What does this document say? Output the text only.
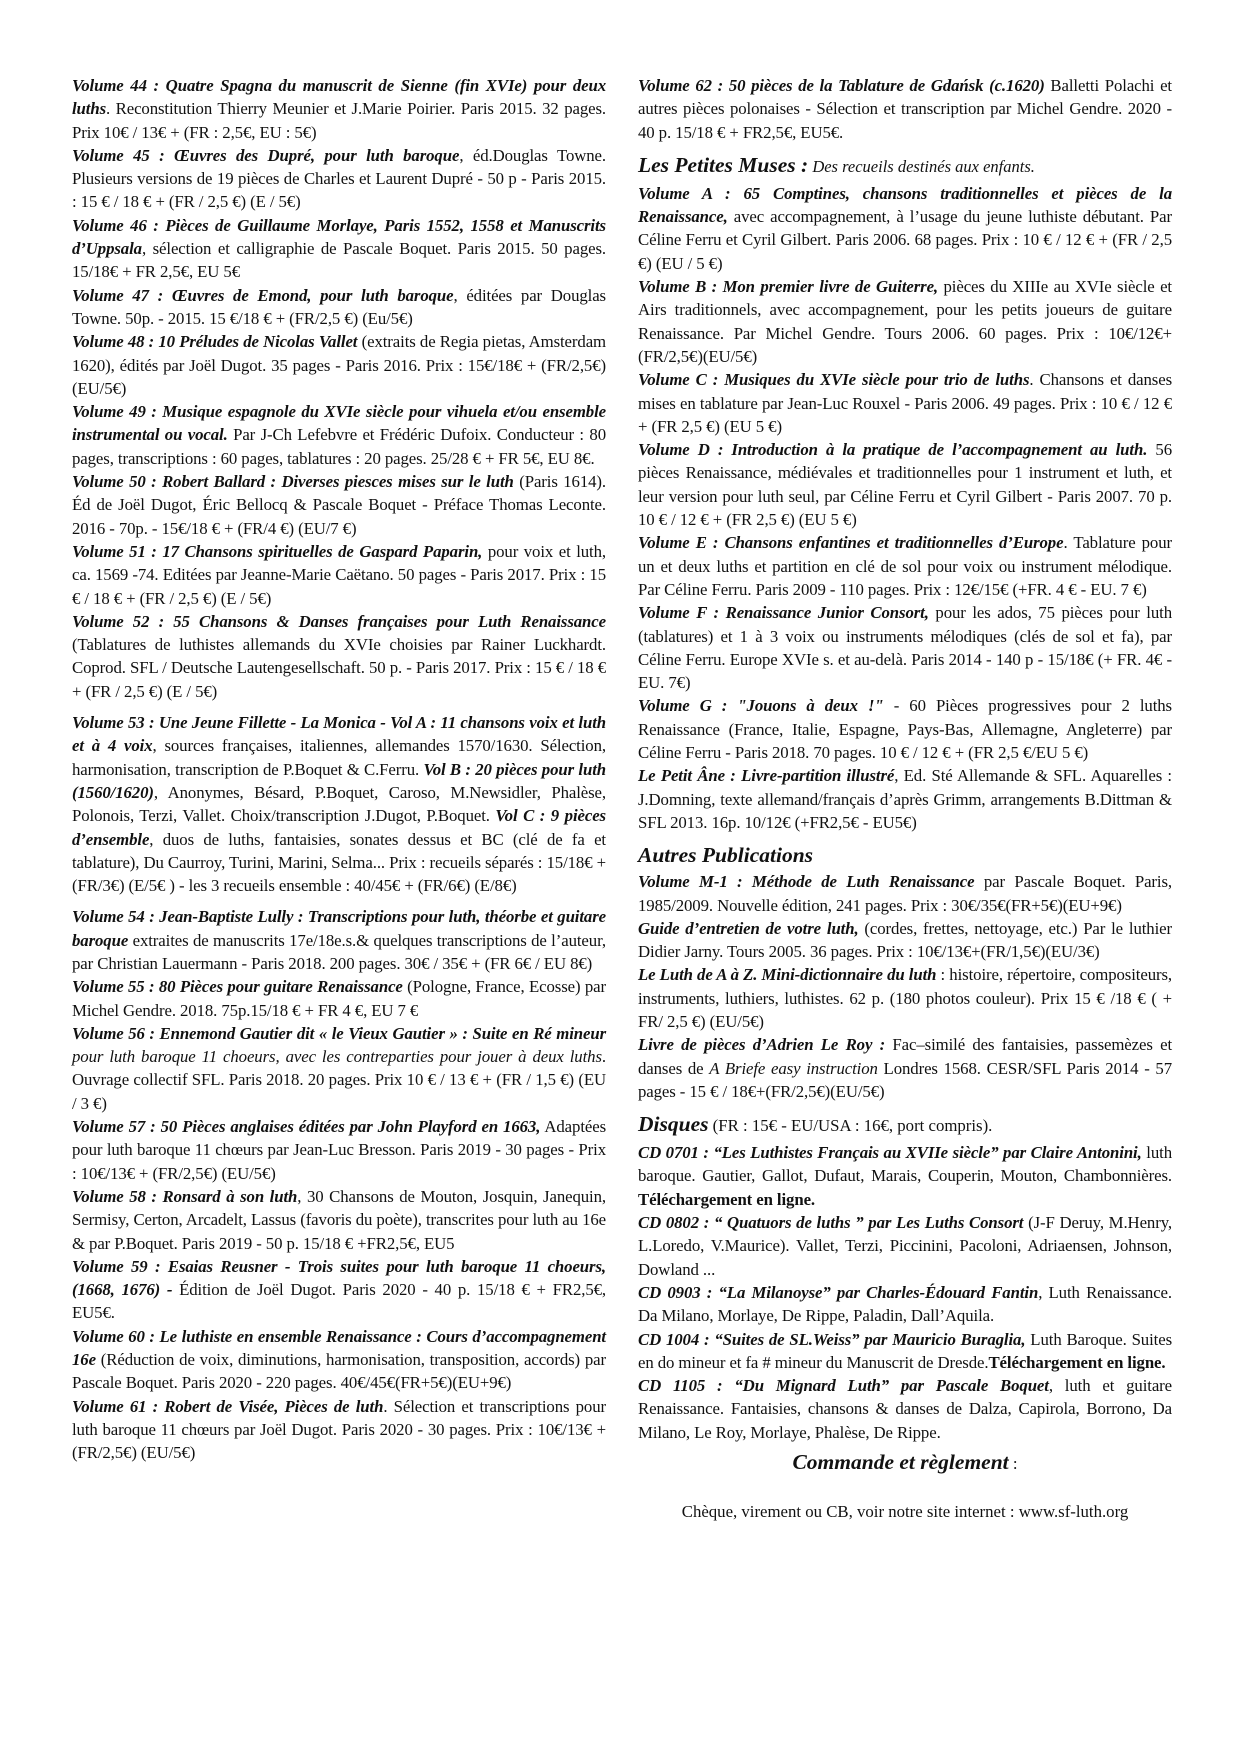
Volume 44 : Quatre Spagna du manuscrit de Sienne (fin XVIe) pour deux luths. Reconstitution Thierry Meunier et J.Marie Poirier. Paris 2015. 32 pages. Prix 10€ / 13€ + (FR : 2,5€, EU : 5€)

Volume 45 : Œuvres des Dupré, pour luth baroque, éd.Douglas Towne. Plusieurs versions de 19 pièces de Charles et Laurent Dupré - 50 p - Paris 2015. : 15 € / 18 € + (FR / 2,5 €) (E / 5€)

Volume 46 : Pièces de Guillaume Morlaye, Paris 1552, 1558 et Manuscrits d’Uppsala, sélection et calligraphie de Pascale Boquet. Paris 2015. 50 pages. 15/18€ + FR 2,5€, EU 5€

Volume 47 : Œuvres de Emond, pour luth baroque, éditées par Douglas Towne. 50p. - 2015. 15 €/18 € + (FR/2,5 €) (Eu/5€)

Volume 48 : 10 Préludes de Nicolas Vallet (extraits de Regia pietas, Amsterdam 1620), édités par Joël Dugot. 35 pages - Paris 2016. Prix : 15€/18€ + (FR/2,5€) (EU/5€)

Volume 49 : Musique espagnole du XVIe siècle pour vihuela et/ou ensemble instrumental ou vocal. Par J-Ch Lefebvre et Frédéric Dufoix. Conducteur : 80 pages, transcriptions : 60 pages, tablatures : 20 pages. 25/28 € + FR 5€, EU 8€.

Volume 50 : Robert Ballard : Diverses piesces mises sur le luth (Paris 1614). Éd de Joël Dugot, Éric Bellocq & Pascale Boquet - Préface Thomas Leconte. 2016 - 70p. - 15€/18 € + (FR/4 €) (EU/7 €)

Volume 51 : 17 Chansons spirituelles de Gaspard Paparin, pour voix et luth, ca. 1569 -74. Editées par Jeanne-Marie Caëtano. 50 pages - Paris 2017. Prix : 15 € / 18 € + (FR / 2,5 €) (E / 5€)

Volume 52 : 55 Chansons & Danses françaises pour Luth Renaissance (Tablatures de luthistes allemands du XVIe choisies par Rainer Luckhardt. Coprod. SFL / Deutsche Lautengesellschaft. 50 p. - Paris 2017. Prix : 15 € / 18 € + (FR / 2,5 €) (E / 5€)

Volume 53 : Une Jeune Fillette - La Monica - Vol A : 11 chansons voix et luth et à 4 voix, sources françaises, italiennes, allemandes 1570/1630. Sélection, harmonisation, transcription de P.Boquet & C.Ferru. Vol B : 20 pièces pour luth (1560/1620), Anonymes, Bésard, P.Boquet, Caroso, M.Newsidler, Phalèse, Polonois, Terzi, Vallet. Choix/transcription J.Dugot, P.Boquet. Vol C : 9 pièces d’ensemble, duos de luths, fantaisies, sonates dessus et BC (clé de fa et tablature), Du Caurroy, Turini, Marini, Selma... Prix : recueils séparés : 15/18€ + (FR/3€) (E/5€ ) - les 3 recueils ensemble : 40/45€ + (FR/6€) (E/8€)

Volume 54 : Jean-Baptiste Lully : Transcriptions pour luth, théorbe et guitare baroque extraites de manuscrits 17e/18e.s.& quelques transcriptions de l’auteur, par Christian Lauermann - Paris 2018. 200 pages. 30€ / 35€ + (FR 6€ / EU 8€)

Volume 55 : 80 Pièces pour guitare Renaissance (Pologne, France, Ecosse) par Michel Gendre. 2018. 75p.15/18 € + FR 4 €, EU 7 €

Volume 56 : Ennemond Gautier dit « le Vieux Gautier » : Suite en Ré mineur pour luth baroque 11 choeurs, avec les contreparties pour jouer à deux luths. Ouvrage collectif SFL. Paris 2018. 20 pages. Prix 10 € / 13 € + (FR / 1,5 €) (EU / 3 €)

Volume 57 : 50 Pièces anglaises éditées par John Playford en 1663, Adaptées pour luth baroque 11 chœurs par Jean-Luc Bresson. Paris 2019 - 30 pages - Prix : 10€/13€ + (FR/2,5€) (EU/5€)

Volume 58 : Ronsard à son luth, 30 Chansons de Mouton, Josquin, Janequin, Sermisy, Certon, Arcadelt, Lassus (favoris du poète), transcrites pour luth au 16e & par P.Boquet. Paris 2019 - 50 p. 15/18 € +FR2,5€, EU5

Volume 59 : Esaias Reusner - Trois suites pour luth baroque 11 choeurs, (1668, 1676) - Édition de Joël Dugot. Paris 2020 - 40 p. 15/18 € + FR2,5€, EU5€.

Volume 60 : Le luthiste en ensemble Renaissance : Cours d’accompagnement 16e (Réduction de voix, diminutions, harmonisation, transposition, accords) par Pascale Boquet. Paris 2020 - 220 pages. 40€/45€(FR+5€)(EU+9€)

Volume 61 : Robert de Visée, Pièces de luth. Sélection et transcriptions pour luth baroque 11 chœurs par Joël Dugot. Paris 2020 - 30 pages. Prix : 10€/13€ + (FR/2,5€) (EU/5€)

Volume 62 : 50 pièces de la Tablature de Gdańsk (c.1620) Balletti Polachi et autres pièces polonaises - Sélection et transcription par Michel Gendre. 2020 - 40 p. 15/18 € + FR2,5€, EU5€.

Les Petites Muses : Des recueils destinés aux enfants.

Volume A : 65 Comptines, chansons traditionnelles et pièces de la Renaissance, avec accompagnement, à l’usage du jeune luthiste débutant. Par Céline Ferru et Cyril Gilbert. Paris 2006. 68 pages. Prix : 10 € / 12 € + (FR / 2,5 €) (EU / 5 €)

Volume B : Mon premier livre de Guiterre, pièces du XIIIe au XVIe siècle et Airs traditionnels, avec accompagnement, pour les petits joueurs de guitare Renaissance. Par Michel Gendre. Tours 2006. 60 pages. Prix : 10€/12€+(FR/2,5€)(EU/5€)

Volume C : Musiques du XVIe siècle pour trio de luths. Chansons et danses mises en tablature par Jean-Luc Rouxel - Paris 2006. 49 pages. Prix : 10 € / 12 € + (FR 2,5 €) (EU 5 €)

Volume D : Introduction à la pratique de l’accompagnement au luth. 56 pièces Renaissance, médiévales et traditionnelles pour 1 instrument et luth, et leur version pour luth seul, par Céline Ferru et Cyril Gilbert - Paris 2007. 70 p. 10 € / 12 € + (FR 2,5 €) (EU 5 €)

Volume E : Chansons enfantines et traditionnelles d’Europe. Tablature pour un et deux luths et partition en clé de sol pour voix ou instrument mélodique. Par Céline Ferru. Paris 2009 - 110 pages. Prix : 12€/15€ (+FR. 4 € - EU. 7 €)

Volume F : Renaissance Junior Consort, pour les ados, 75 pièces pour luth (tablatures) et 1 à 3 voix ou instruments mélodiques (clés de sol et fa), par Céline Ferru. Europe XVIe s. et au-delà. Paris 2014 - 140 p - 15/18€ (+ FR. 4€ - EU. 7€)

Volume G : "Jouons à deux !" - 60 Pièces progressives pour 2 luths Renaissance (France, Italie, Espagne, Pays-Bas, Allemagne, Angleterre) par Céline Ferru - Paris 2018. 70 pages. 10 € / 12 € + (FR 2,5 €/EU 5 €)

Le Petit Âne : Livre-partition illustré, Ed. Sté Allemande & SFL. Aquarelles : J.Domning, texte allemand/français d’après Grimm, arrangements B.Dittman & SFL 2013. 16p. 10/12€ (+FR2,5€ - EU5€)

Autres Publications

Volume M-1 : Méthode de Luth Renaissance par Pascale Boquet. Paris, 1985/2009. Nouvelle édition, 241 pages. Prix : 30€/35€(FR+5€)(EU+9€)

Guide d’entretien de votre luth, (cordes, frettes, nettoyage, etc.) Par le luthier Didier Jarny. Tours 2005. 36 pages. Prix : 10€/13€+(FR/1,5€)(EU/3€)

Le Luth de A à Z. Mini-dictionnaire du luth : histoire, répertoire, compositeurs, instruments, luthiers, luthistes. 62 p. (180 photos couleur). Prix 15 € /18 € ( + FR/ 2,5 €) (EU/5€)

Livre de pièces d’Adrien Le Roy : Fac–similé des fantaisies, passemèzes et danses de A Briefe easy instruction Londres 1568. CESR/SFL Paris 2014 - 57 pages - 15 € / 18€+(FR/2,5€)(EU/5€)

Disques (FR : 15€ - EU/USA : 16€, port compris).

CD 0701 : “Les Luthistes Français au XVIIe siècle” par Claire Antonini, luth baroque. Gautier, Gallot, Dufaut, Marais, Couperin, Mouton, Chambonnières. Téléchargement en ligne.

CD 0802 : “ Quatuors de luths ” par Les Luths Consort (J-F Deruy, M.Henry, L.Loredo, V.Maurice). Vallet, Terzi, Piccinini, Pacoloni, Adriaensen, Johnson, Dowland ...

CD 0903 : “La Milanoyse” par Charles-Édouard Fantin, Luth Renaissance. Da Milano, Morlaye, De Rippe, Paladin, Dall’Aquila.

CD 1004 : “Suites de SL.Weiss” par Mauricio Buraglia, Luth Baroque. Suites en do mineur et fa # mineur du Manuscrit de Dresde.Téléchargement en ligne.

CD 1105 : “Du Mignard Luth” par Pascale Boquet, luth et guitare Renaissance. Fantaisies, chansons & danses de Dalza, Capirola, Borrono, Da Milano, Le Roy, Morlaye, Phalèse, De Rippe.

Commande et règlement :

Chèque, virement ou CB, voir notre site internet : www.sf-luth.org
